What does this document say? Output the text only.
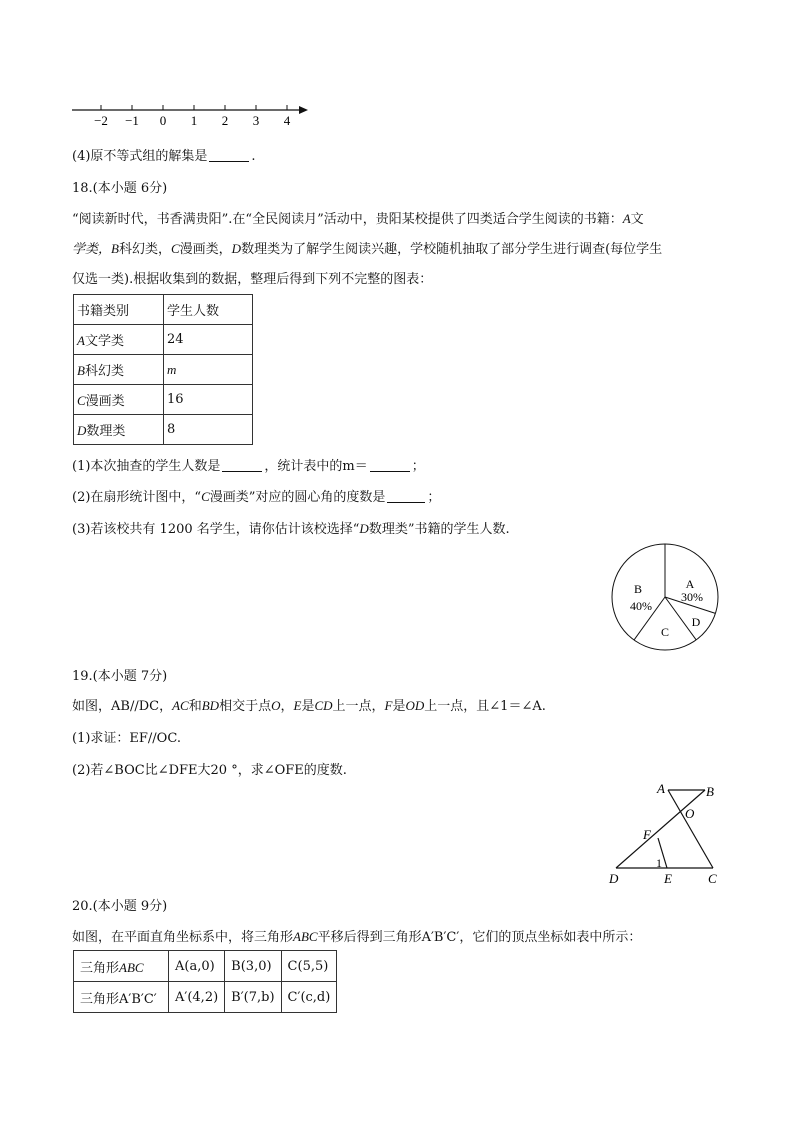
−2 −1 0 1 2 3 4
(4)原不等式组的解集是	.
18.(本小题 6分)
“阅读新时代，书香满贵阳”.在“全民阅读月”活动中，贵阳某校提供了四类适合学生阅读的书籍：A文
学类，B科幻类，C漫画类，D数理类为了解学生阅读兴趣，学校随机抽取了部分学生进行调查(每位学生
仅选一类).根据收集到的数据，整理后得到下列不完整的图表：
书籍类别	学生人数
A文学类	24
B科幻类	m
C漫画类	16
D数理类	8
(1)本次抽查的学生人数是	，统计表中的m＝	；
(2)在扇形统计图中，“C漫画类”对应的圆心角的度数是	；
(3)若该校共有 1200 名学生，请你估计该校选择“D数理类”书籍的学生人数.
A
30%
B
40%
C
D
19.(本小题 7分)
如图，AB//DC，AC和BD相交于点O，E是CD上一点，F是OD上一点，且∠1＝∠A.
(1)求证：EF//OC.
(2)若∠BOC比∠DFE大20 °，求∠OFE的度数.
A	B
O
F
1
D	E	C
20.(本小题 9分)
如图，在平面直角坐标系中，将三角形ABC平移后得到三角形A′B′C′，它们的顶点坐标如表中所示：
三角形ABC	A(a,0)	B(3,0)	C(5,5)
三角形A′B′C′	A′(4,2)	B′(7,b)	C′(c,d)
